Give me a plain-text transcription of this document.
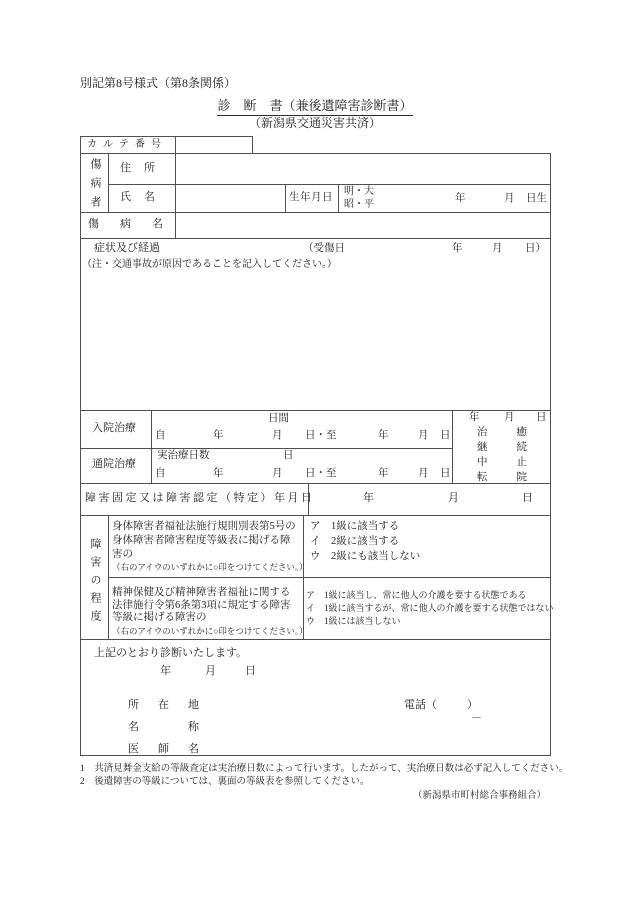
別記第8号様式（第8条関係）
診　断　書（兼後遺障害診断書）
（新潟県交通災害共済）
カルテ番号
傷病者 住所
氏名	生年月日
明・大
昭・平
年	月 日生
傷病名
症状及び経過	（受傷日	年	月 日）
（注・交通事故が原因であることを記入してください。）
入院治療
日間
自	年	月 日・至	年	月 日
通院治療
実治療日数	日
自	年	月 日・至	年	月 日
年 月 日
治癒
継続
中止
転院
障害固定又は障害認定（特定）年月日	年	月	日
障害の程度
身体障害者福祉法施行規則別表第5号の身体障害者障害程度等級表に掲げる障害の
（右のアイウのいずれかに○印をつけてください。）
ア　1級に該当する
イ　2級に該当する
ウ　2級にも該当しない
精神保健及び精神障害者福祉に関する法律施行令第6条第3項に規定する障害等級に掲げる障害の
（右のアイウのいずれかに○印をつけてください。）
ア　1級に該当し、常に他人の介護を要する状態である
イ　1級に該当するが、常に他人の介護を要する状態ではない
ウ　1級には該当しない
上記のとおり診断いたします。
年	月	日
所在地	電話（	）
－
名称
医師名
1　共済見舞金支給の等級査定は実治療日数によって行います。したがって、実治療日数は必ず記入してください。
2　後遺障害の等級については、裏面の等級表を参照してください。
（新潟県市町村総合事務組合）
